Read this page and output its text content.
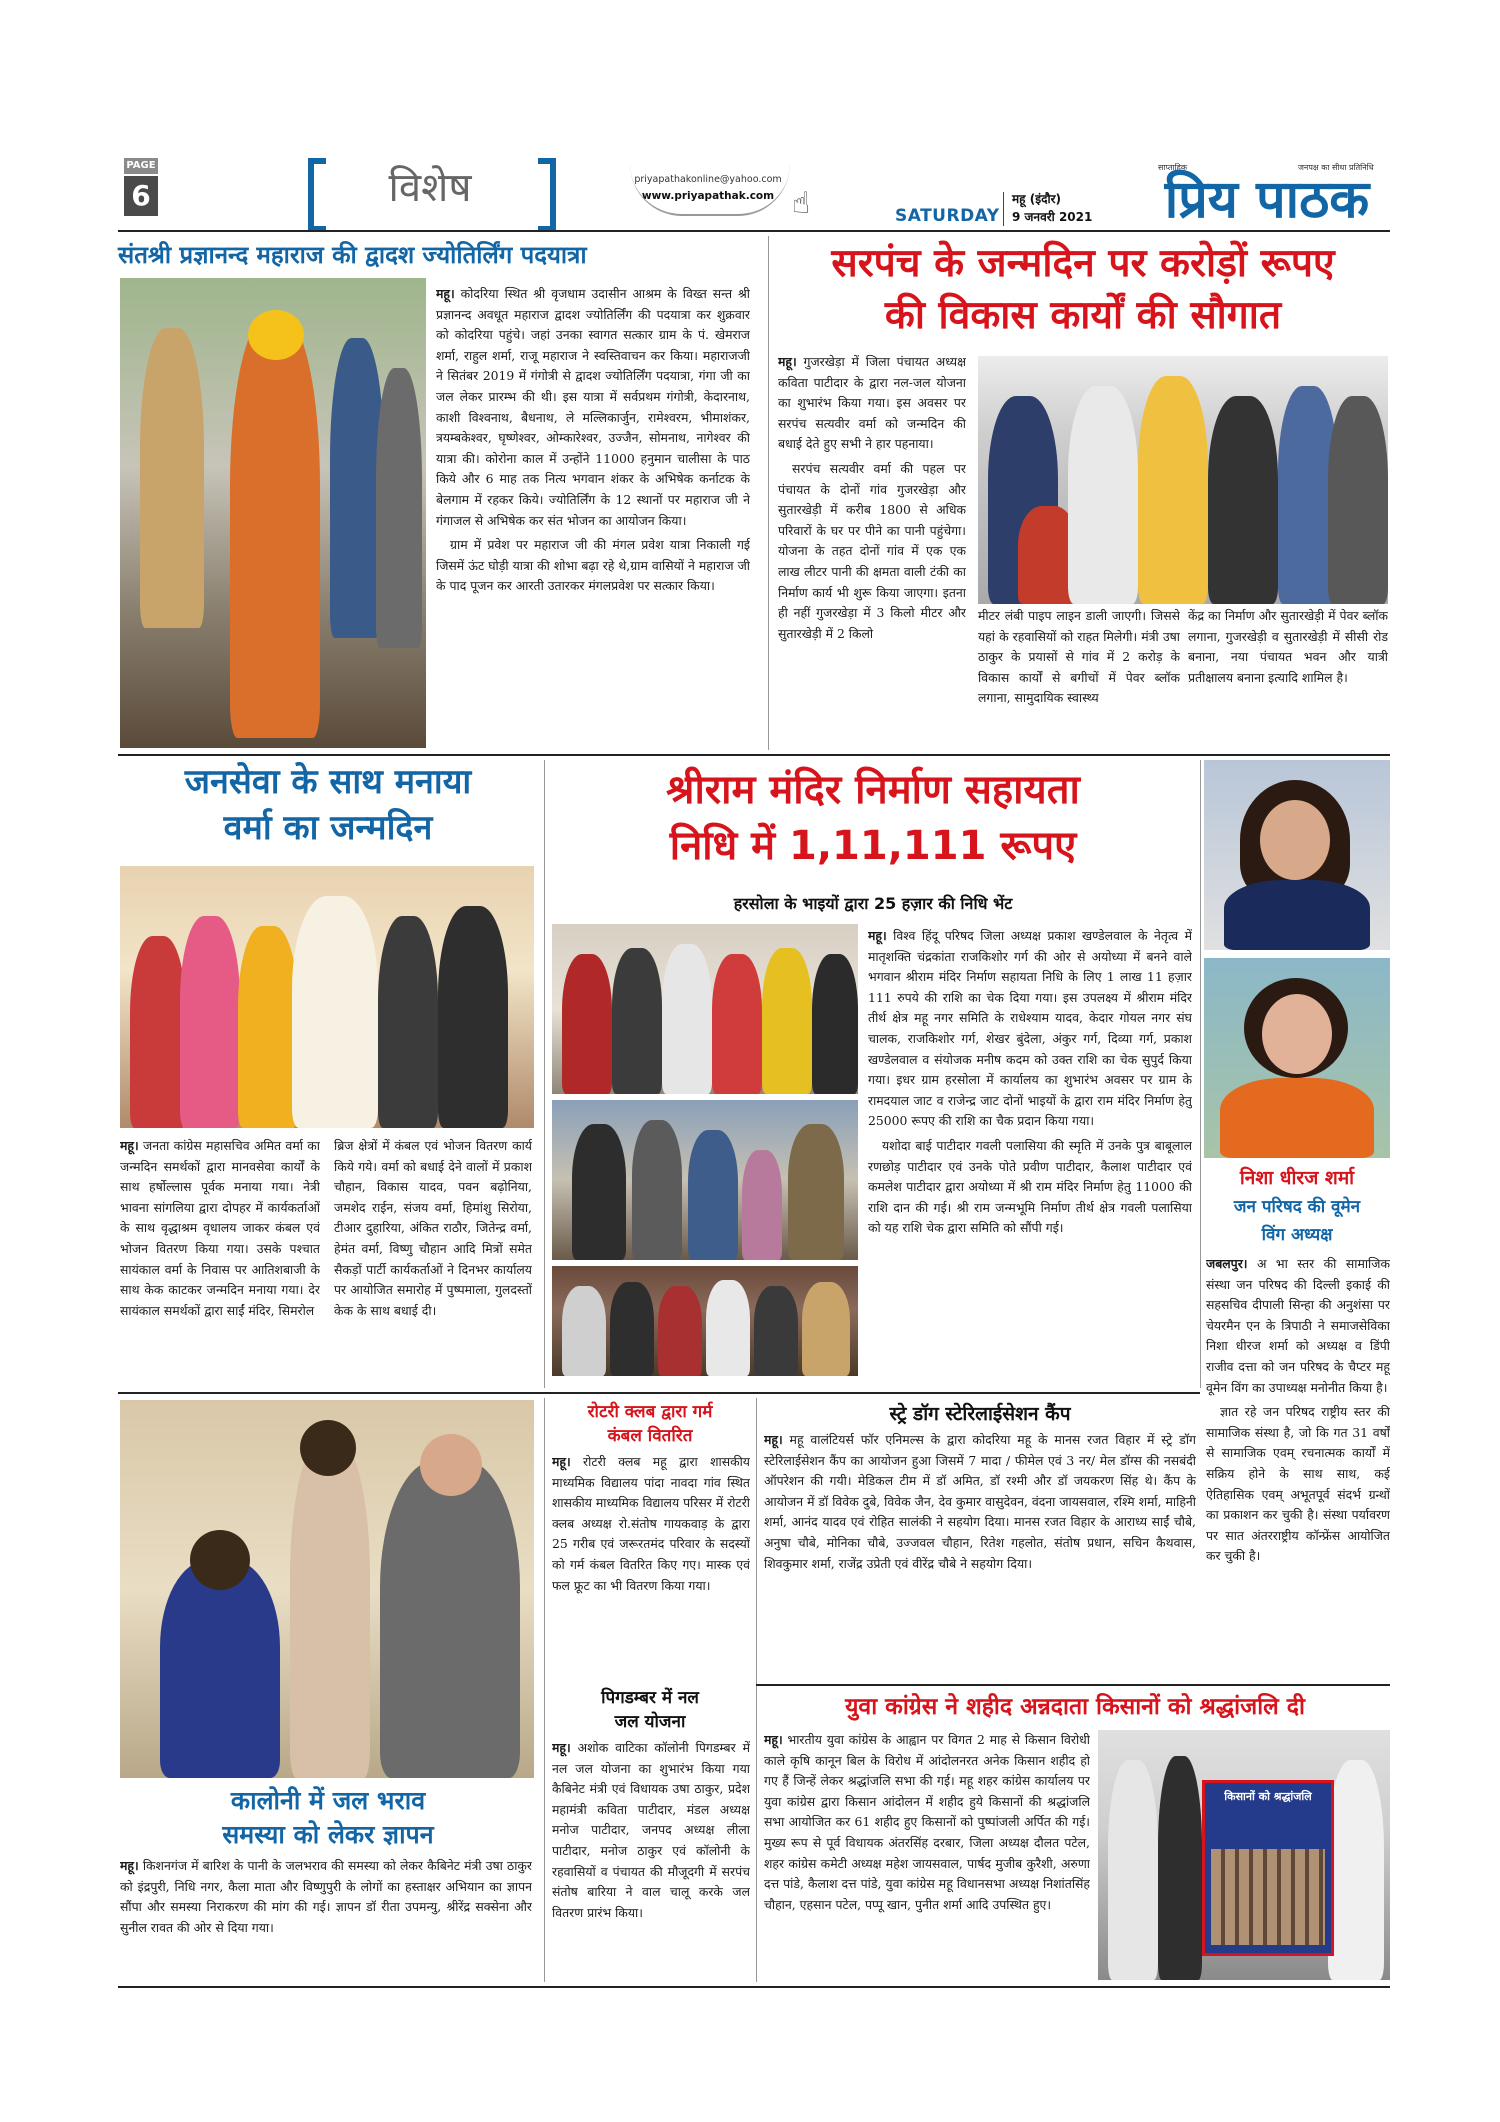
PAGE
6	विशेष	priyapathakonline@yahoo.com
www.priyapathak.com ☝	SATURDAY
महू (इंदौर)
9 जनवरी 2021
साप्ताहिक	जनपक्ष का सीधा प्रतिनिधि
प्रिय पाठक
संतश्री प्रज्ञानन्द महाराज की द्वादश ज्योतिर्लिंग पदयात्रा

महू। कोदरिया स्थित श्री वृजधाम उदासीन आश्रम के विख्त सन्त श्री प्रज्ञानन्द अवधूत महाराज द्वादश ज्योतिर्लिंग की पदयात्रा कर शुक्रवार को कोदरिया पहुंचे। जहां उनका स्वागत सत्कार ग्राम के पं. खेमराज शर्मा, राहुल शर्मा, राजू महाराज ने स्वस्तिवाचन कर किया। महाराजजी ने सितंबर 2019 में गंगोत्री से द्वादश ज्योतिर्लिंग पदयात्रा, गंगा जी का जल लेकर प्रारम्भ की थी। इस यात्रा में सर्वप्रथम गंगोत्री, केदारनाथ, काशी विश्वनाथ, बैधनाथ, ले मल्लिकार्जुन, रामेश्वरम, भीमाशंकर, त्रयम्बकेश्वर, घृष्णेश्वर, ओम्कारेश्वर, उज्जैन, सोमनाथ, नागेश्वर की यात्रा की। कोरोना काल में उन्होंने 11000 हनुमान चालीसा के पाठ किये और 6 माह तक नित्य भगवान शंकर के अभिषेक कर्नाटक के बेलगाम में रहकर किये। ज्योतिर्लिंग के 12 स्थानों पर महाराज जी ने गंगाजल से अभिषेक कर संत भोजन का आयोजन किया।

ग्राम में प्रवेश पर महाराज जी की मंगल प्रवेश यात्रा निकाली गई जिसमें ऊंट घोड़ी यात्रा की शोभा बढ़ा रहे थे,ग्राम वासियों ने महाराज जी के पाद पूजन कर आरती उतारकर मंगलप्रवेश पर सत्कार किया।

सरपंच के जन्मदिन पर करोड़ों रूपए
की विकास कार्यों की सौगात

महू। गुजरखेड़ा में जिला पंचायत अध्यक्ष कविता पाटीदार के द्वारा नल-जल योजना का शुभारंभ किया गया। इस अवसर पर सरपंच सत्यवीर वर्मा को जन्मदिन की बधाई देते हुए सभी ने हार पहनाया।

सरपंच सत्यवीर वर्मा की पहल पर पंचायत के दोनों गांव गुजरखेड़ा और सुतारखेड़ी में करीब 1800 से अधिक परिवारों के घर पर पीने का पानी पहुंचेगा। योजना के तहत दोनों गांव में एक एक लाख लीटर पानी की क्षमता वाली टंकी का निर्माण कार्य भी शुरू किया जाएगा। इतना ही नहीं गुजरखेड़ा में 3 किलो मीटर और सुतारखेड़ी में 2 किलो

मीटर लंबी पाइप लाइन डाली जाएगी। जिससे यहां के रहवासियों को राहत मिलेगी। मंत्री उषा ठाकुर के प्रयासों से गांव में 2 करोड़ के विकास कार्यों से बगीचों में पेवर ब्लॉक लगाना, सामुदायिक स्वास्थ्य
केंद्र का निर्माण और सुतारखेड़ी में पेवर ब्लॉक लगाना, गुजरखेड़ी व सुतारखेड़ी में सीसी रोड बनाना, नया पंचायत भवन और यात्री प्रतीक्षालय बनाना इत्यादि शामिल है।
जनसेवा के साथ मनाया
वर्मा का जन्मदिन
महू। जनता कांग्रेस महासचिव अमित वर्मा का जन्मदिन समर्थकों द्वारा मानवसेवा कार्यों के साथ हर्षोल्लास पूर्वक मनाया गया। नेत्री भावना सांगलिया द्वारा दोपहर में कार्यकर्ताओं के साथ वृद्धाश्रम वृधालय जाकर कंबल एवं भोजन वितरण किया गया। उसके पश्चात सायंकाल वर्मा के निवास पर आतिशबाजी के साथ केक काटकर जन्मदिन मनाया गया। देर सायंकाल समर्थकों द्वारा साईं मंदिर, सिमरोल
ब्रिज क्षेत्रों में कंबल एवं भोजन वितरण कार्य किये गये। वर्मा को बधाई देने वालों में प्रकाश चौहान, विकास यादव, पवन बढ़ोनिया, जमशेद राईन, संजय वर्मा, हिमांशु सिरोया, टीआर दुहारिया, अंकित राठौर, जितेन्द्र वर्मा, हेमंत वर्मा, विष्णु चौहान आदि मित्रों समेत सैकड़ों पार्टी कार्यकर्ताओं ने दिनभर कार्यालय पर आयोजित समारोह में पुष्पमाला, गुलदस्तों केक के साथ बधाई दी।
श्रीराम मंदिर निर्माण सहायता
निधि में 1,11,111 रूपए
हरसोला के भाइयों द्वारा 25 हज़ार की निधि भेंट

महू। विश्व हिंदू परिषद जिला अध्यक्ष प्रकाश खण्डेलवाल के नेतृत्व में मातृशक्ति चंद्रकांता राजकिशोर गर्ग की ओर से अयोध्या में बनने वाले भगवान श्रीराम मंदिर निर्माण सहायता निधि के लिए 1 लाख 11 हज़ार 111 रुपये की राशि का चेक दिया गया। इस उपलक्ष्य में श्रीराम मंदिर तीर्थ क्षेत्र महू नगर समिति के राधेश्याम यादव, केदार गोयल नगर संघ चालक, राजकिशोर गर्ग, शेखर बुंदेला, अंकुर गर्ग, दिव्या गर्ग, प्रकाश खण्डेलवाल व संयोजक मनीष कदम को उक्त राशि का चेक सुपुर्द किया गया। इधर ग्राम हरसोला में कार्यालय का शुभारंभ अवसर पर ग्राम के रामदयाल जाट व राजेन्द्र जाट दोनों भाइयों के द्वारा राम मंदिर निर्माण हेतु 25000 रूपए की राशि का चैक प्रदान किया गया।

यशोदा बाई पाटीदार गवली पलासिया की स्मृति में उनके पुत्र बाबूलाल रणछोड़ पाटीदार एवं उनके पोते प्रवीण पाटीदार, कैलाश पाटीदार एवं कमलेश पाटीदार द्वारा अयोध्या में श्री राम मंदिर निर्माण हेतु 11000 की राशि दान की गई। श्री राम जन्मभूमि निर्माण तीर्थ क्षेत्र गवली पलासिया को यह राशि चेक द्वारा समिति को सौंपी गई।

निशा धीरज शर्मा
जन परिषद की वूमेन
विंग अध्यक्ष

जबलपुर। अ भा स्तर की सामाजिक संस्था जन परिषद की दिल्ली इकाई की सहसचिव दीपाली सिन्हा की अनुशंसा पर चेयरमैन एन के त्रिपाठी ने समाजसेविका निशा धीरज शर्मा को अध्यक्ष व डिंपी राजीव दत्ता को जन परिषद के चैप्टर महू वूमेन विंग का उपाध्यक्ष मनोनीत किया है।

ज्ञात रहे जन परिषद राष्ट्रीय स्तर की सामाजिक संस्था है, जो कि गत 31 वर्षों से सामाजिक एवम् रचनात्मक कार्यों में सक्रिय होने के साथ साथ, कई ऐतिहासिक एवम् अभूतपूर्व संदर्भ ग्रन्थों का प्रकाशन कर चुकी है। संस्था पर्यावरण पर सात अंतरराष्ट्रीय कॉन्फ्रेंस आयोजित कर चुकी है।

कालोनी में जल भराव
समस्या को लेकर ज्ञापन
महू। किशनगंज में बारिश के पानी के जलभराव की समस्या को लेकर कैबिनेट मंत्री उषा ठाकुर को इंद्रपुरी, निधि नगर, कैला माता और विष्णुपुरी के लोगों का हस्ताक्षर अभियान का ज्ञापन सौंपा और समस्या निराकरण की मांग की गई। ज्ञापन डॉ रीता उपमन्यु, श्रीरेंद्र सक्सेना और सुनील रावत की ओर से दिया गया।
रोटरी क्लब द्वारा गर्म
कंबल वितरित
महू। रोटरी क्लब महू द्वारा शासकीय माध्यमिक विद्यालय पांदा नावदा गांव स्थित शासकीय माध्यमिक विद्यालय परिसर में रोटरी क्लब अध्यक्ष रो.संतोष गायकवाड़ के द्वारा 25 गरीब एवं जरूरतमंद परिवार के सदस्यों को गर्म कंबल वितरित किए गए। मास्क एवं फल फ्रूट का भी वितरण किया गया।
पिगडम्बर में नल
जल योजना
महू। अशोक वाटिका कॉलोनी पिगडम्बर में नल जल योजना का शुभारंभ किया गया कैबिनेट मंत्री एवं विधायक उषा ठाकुर, प्रदेश महामंत्री कविता पाटीदार, मंडल अध्यक्ष मनोज पाटीदार, जनपद अध्यक्ष लीला पाटीदार, मनोज ठाकुर एवं कॉलोनी के रहवासियों व पंचायत की मौजूदगी में सरपंच संतोष बारिया ने वाल चालू करके जल वितरण प्रारंभ किया।
स्ट्रे डॉग स्टेरिलाईसेशन कैंप
महू। महू वालंटियर्स फॉर एनिमल्स के द्वारा कोदरिया महू के मानस रजत विहार में स्ट्रे डॉग स्टेरिलाईसेशन कैंप का आयोजन हुआ जिसमें 7 मादा / फीमेल एवं 3 नर/ मेल डॉग्स की नसबंदी ऑपरेशन की गयी। मेडिकल टीम में डॉ अमित, डॉ रश्मी और डॉ जयकरण सिंह थे। कैंप के आयोजन में डॉ विवेक दुबे, विवेक जैन, देव कुमार वासुदेवन, वंदना जायसवाल, रश्मि शर्मा, माहिनी शर्मा, आनंद यादव एवं रोहित सालंकी ने सहयोग दिया। मानस रजत विहार के आराध्य साईं चौबे, अनुषा चौबे, मोनिका चौबे, उज्जवल चौहान, रितेश गहलोत, संतोष प्रधान, सचिन कैथवास, शिवकुमार शर्मा, राजेंद्र उप्रेती एवं वीरेंद्र चौबे ने सहयोग दिया।
युवा कांग्रेस ने शहीद अन्नदाता किसानों को श्रद्धांजलि दी
महू। भारतीय युवा कांग्रेस के आह्वान पर विगत 2 माह से किसान विरोधी काले कृषि कानून बिल के विरोध में आंदोलनरत अनेक किसान शहीद हो गए हैं जिन्हें लेकर श्रद्धांजलि सभा की गई। महू शहर कांग्रेस कार्यालय पर युवा कांग्रेस द्वारा किसान आंदोलन में शहीद हुये किसानों की श्रद्धांजलि सभा आयोजित कर 61 शहीद हुए किसानों को पुष्पांजली अर्पित की गई। मुख्य रूप से पूर्व विधायक अंतरसिंह दरबार, जिला अध्यक्ष दौलत पटेल, शहर कांग्रेस कमेटी अध्यक्ष महेश जायसवाल, पार्षद मुजीब कुरैशी, अरुणा दत्त पांडे, कैलाश दत्त पांडे, युवा कांग्रेस महू विधानसभा अध्यक्ष निशांतसिंह चौहान, एहसान पटेल, पप्पू खान, पुनीत शर्मा आदि उपस्थित हुए।
किसानों को श्रद्धांजलि
